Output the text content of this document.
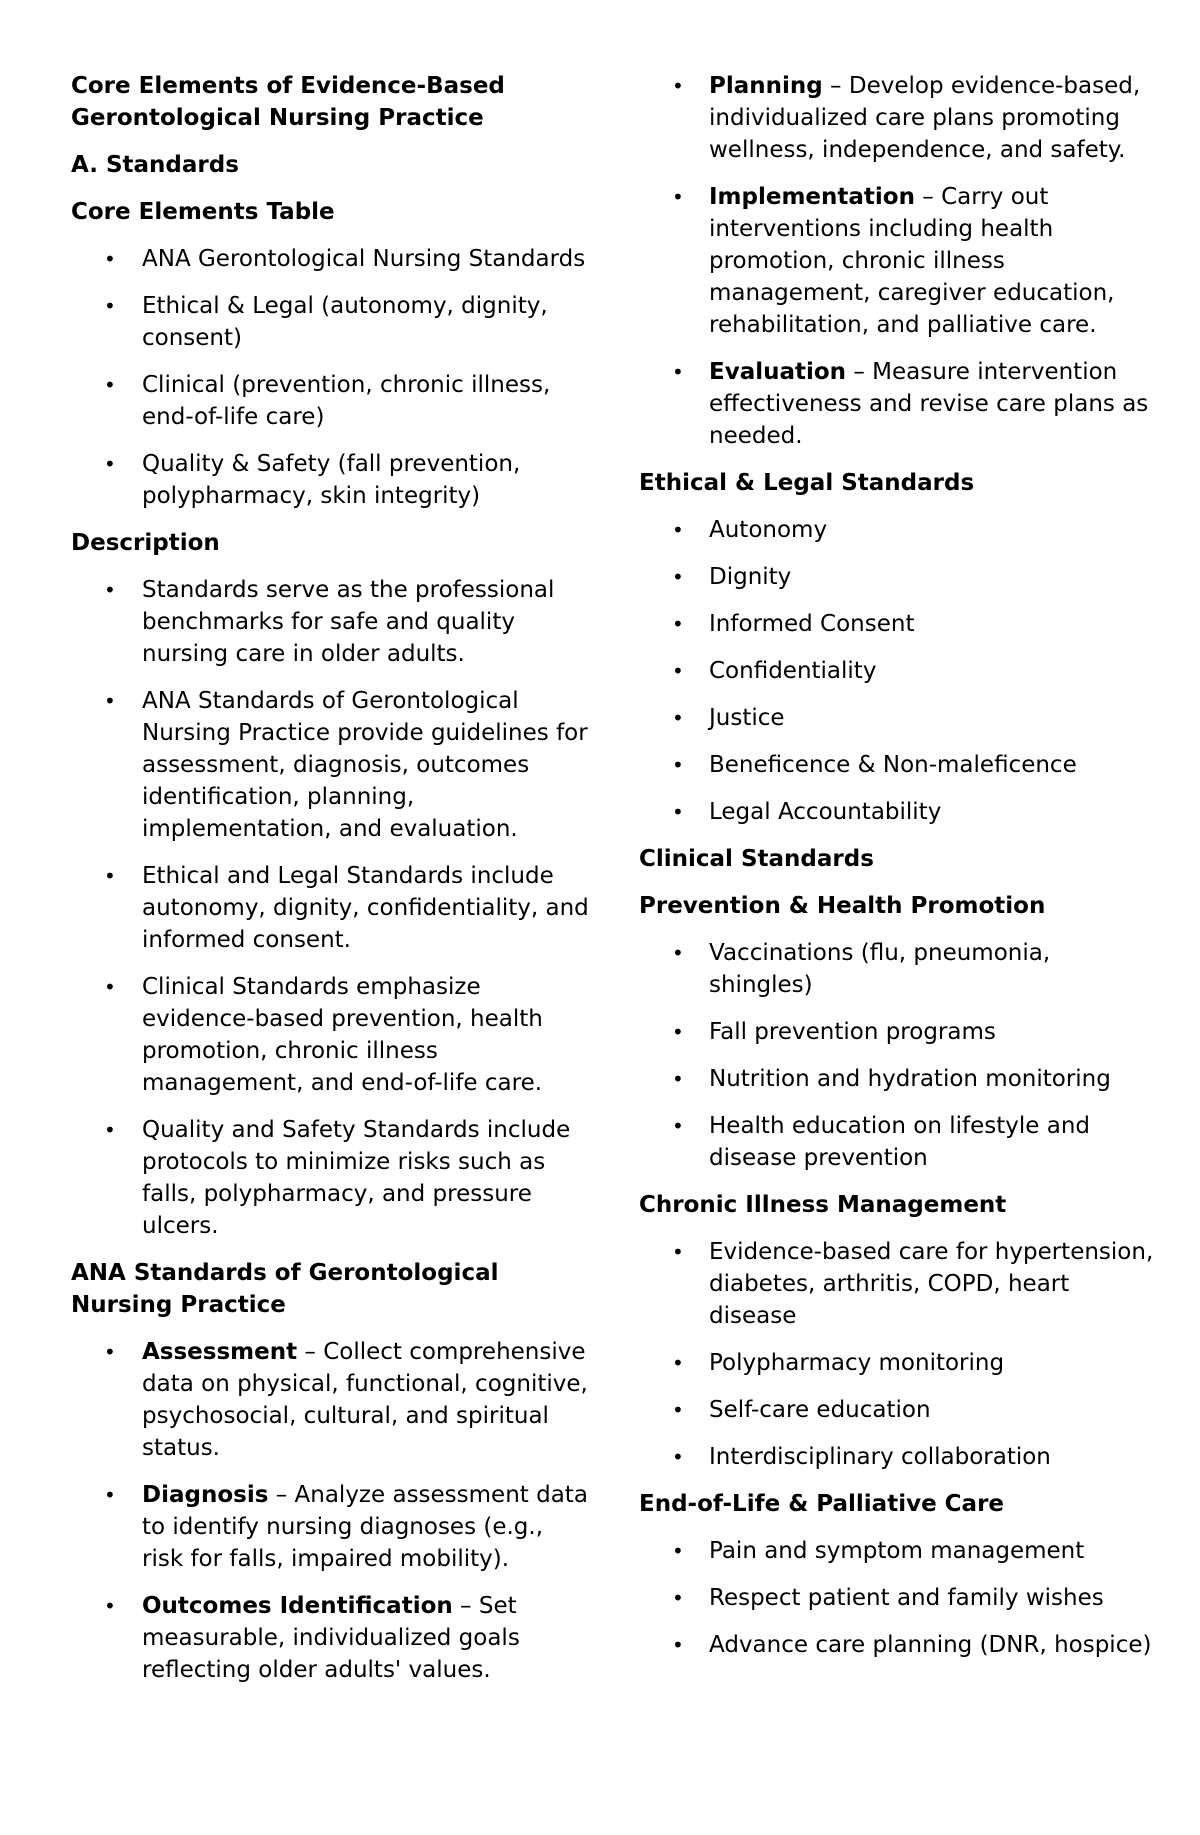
Core Elements of Evidence-Based Gerontological Nursing Practice
A. Standards
Core Elements Table
• ANA Gerontological Nursing Standards
• Ethical & Legal (autonomy, dignity, consent)
• Clinical (prevention, chronic illness, end-of-life care)
• Quality & Safety (fall prevention, polypharmacy, skin integrity)
Description
• Standards serve as the professional benchmarks for safe and quality nursing care in older adults.
• ANA Standards of Gerontological Nursing Practice provide guidelines for assessment, diagnosis, outcomes identification, planning, implementation, and evaluation.
• Ethical and Legal Standards include autonomy, dignity, confidentiality, and informed consent.
• Clinical Standards emphasize evidence-based prevention, health promotion, chronic illness management, and end-of-life care.
• Quality and Safety Standards include protocols to minimize risks such as falls, polypharmacy, and pressure ulcers.
ANA Standards of Gerontological Nursing Practice
• Assessment – Collect comprehensive data on physical, functional, cognitive, psychosocial, cultural, and spiritual status.
• Diagnosis – Analyze assessment data to identify nursing diagnoses (e.g., risk for falls, impaired mobility).
• Outcomes Identification – Set measurable, individualized goals reflecting older adults' values.
• Planning – Develop evidence-based, individualized care plans promoting wellness, independence, and safety.
• Implementation – Carry out interventions including health promotion, chronic illness management, caregiver education, rehabilitation, and palliative care.
• Evaluation – Measure intervention effectiveness and revise care plans as needed.
Ethical & Legal Standards
• Autonomy
• Dignity
• Informed Consent
• Confidentiality
• Justice
• Beneficence & Non-maleficence
• Legal Accountability
Clinical Standards
Prevention & Health Promotion
• Vaccinations (flu, pneumonia, shingles)
• Fall prevention programs
• Nutrition and hydration monitoring
• Health education on lifestyle and disease prevention
Chronic Illness Management
• Evidence-based care for hypertension, diabetes, arthritis, COPD, heart disease
• Polypharmacy monitoring
• Self-care education
• Interdisciplinary collaboration
End-of-Life & Palliative Care
• Pain and symptom management
• Respect patient and family wishes
• Advance care planning (DNR, hospice)
